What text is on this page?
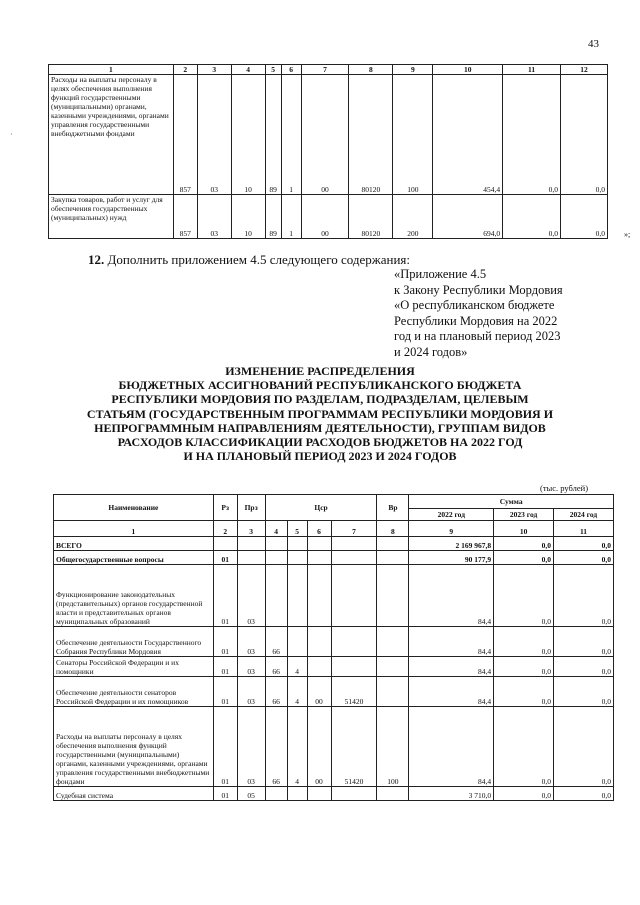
·
43
1	2	3	4	5	6	7	8	9	10	11	12
Расходы на выплаты персоналу в целях обеспечения выполнения функций государственными (муниципальными) органами, казенными учреждениями, органами управления государственными внебюджетными фондами	857	03	10	89	1	00	80120	100	454,4	0,0	0,0
Закупка товаров, работ и услуг для обеспечения государственных (муниципальных) нужд	857	03	10	89	1	00	80120	200	694,0	0,0	0,0 »;
12. Дополнить приложением 4.5 следующего содержания:
«Приложение 4.5
к Закону Республики Мордовия
«О республиканском бюджете
Республики Мордовия на 2022
год и на плановый период 2023
и 2024 годов»
ИЗМЕНЕНИЕ РАСПРЕДЕЛЕНИЯ
БЮДЖЕТНЫХ АССИГНОВАНИЙ РЕСПУБЛИКАНСКОГО БЮДЖЕТА
РЕСПУБЛИКИ МОРДОВИЯ ПО РАЗДЕЛАМ, ПОДРАЗДЕЛАМ, ЦЕЛЕВЫМ
СТАТЬЯМ (ГОСУДАРСТВЕННЫМ ПРОГРАММАМ РЕСПУБЛИКИ МОРДОВИЯ И
НЕПРОГРАММНЫМ НАПРАВЛЕНИЯМ ДЕЯТЕЛЬНОСТИ), ГРУППАМ ВИДОВ
РАСХОДОВ КЛАССИФИКАЦИИ РАСХОДОВ БЮДЖЕТОВ НА 2022 ГОД
И НА ПЛАНОВЫЙ ПЕРИОД 2023 И 2024 ГОДОВ
(тыс. рублей)
Наименование	Рз	Прз	Цср				Вр	Сумма		
								2022 год	2023 год	2024 год
1	2	3	4	5	6	7	8	9	10	11
ВСЕГО								2 169 967,8	0,0	0,0
Общегосударственные вопросы	01							90 177,9	0,0	0,0
Функционирование законодательных (представительных) органов государственной власти и представительных органов муниципальных образований	01	03						84,4	0,0	0,0
Обеспечение деятельности Государственного Собрания Республики Мордовия	01	03	66					84,4	0,0	0,0
Сенаторы Российской Федерации и их помощники	01	03	66	4				84,4	0,0	0,0
Обеспечение деятельности сенаторов Российской Федерации и их помощников	01	03	66	4	00	51420		84,4	0,0	0,0
Расходы на выплаты персоналу в целях обеспечения выполнения функций государственными (муниципальными) органами, казенными учреждениями, органами управления государственными внебюджетными фондами	01	03	66	4	00	51420	100	84,4	0,0	0,0
Судебная система	01	05						3 710,0	0,0	0,0
